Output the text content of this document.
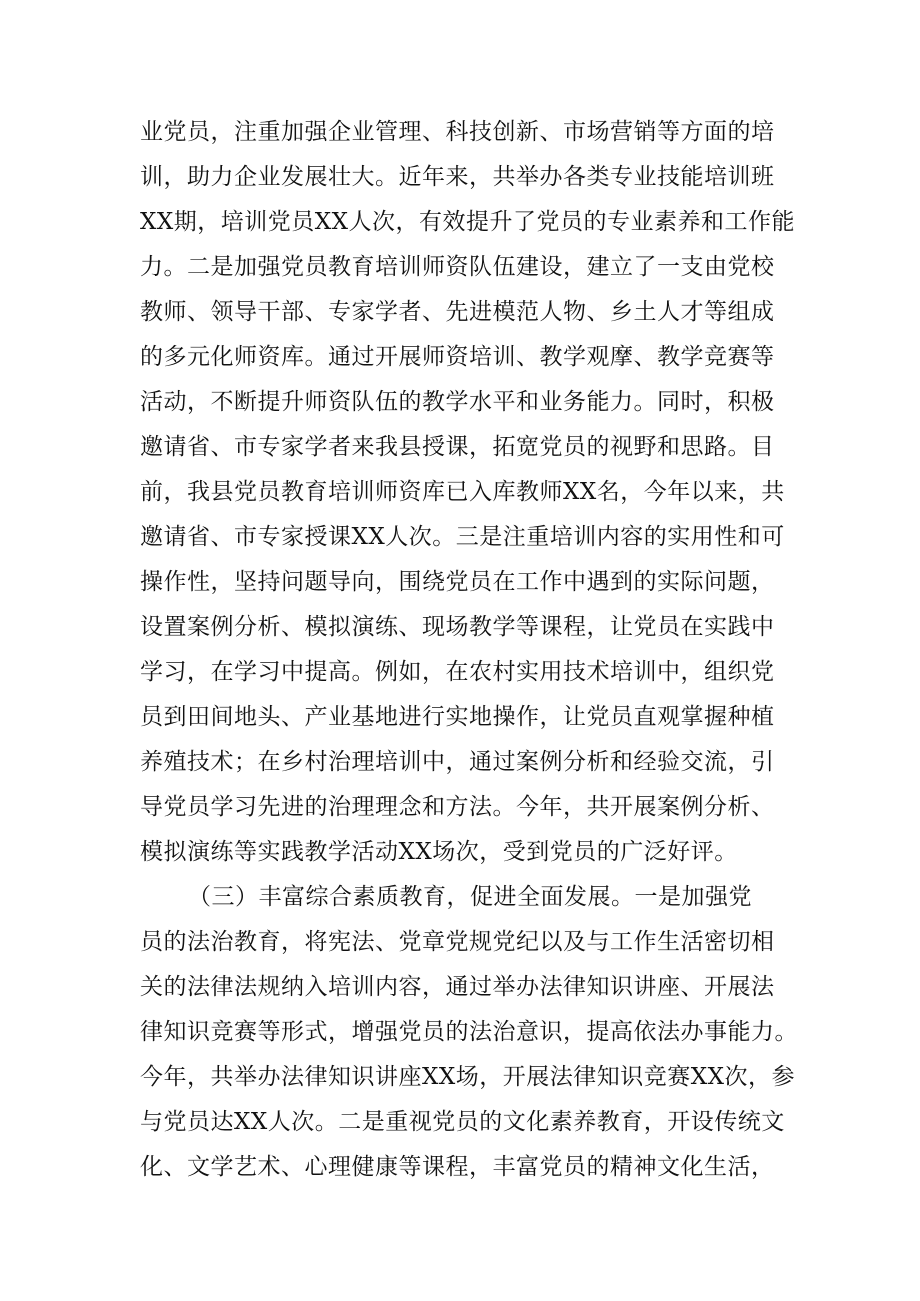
业党员，注重加强企业管理、科技创新、市场营销等方面的培
训，助力企业发展壮大。近年来，共举办各类专业技能培训班
XX期，培训党员XX人次，有效提升了党员的专业素养和工作能
力。二是加强党员教育培训师资队伍建设，建立了一支由党校
教师、领导干部、专家学者、先进模范人物、乡土人才等组成
的多元化师资库。通过开展师资培训、教学观摩、教学竞赛等
活动，不断提升师资队伍的教学水平和业务能力。同时，积极
邀请省、市专家学者来我县授课，拓宽党员的视野和思路。目
前，我县党员教育培训师资库已入库教师XX名，今年以来，共
邀请省、市专家授课XX人次。三是注重培训内容的实用性和可
操作性，坚持问题导向，围绕党员在工作中遇到的实际问题，
设置案例分析、模拟演练、现场教学等课程，让党员在实践中
学习，在学习中提高。例如，在农村实用技术培训中，组织党
员到田间地头、产业基地进行实地操作，让党员直观掌握种植
养殖技术；在乡村治理培训中，通过案例分析和经验交流，引
导党员学习先进的治理理念和方法。今年，共开展案例分析、
模拟演练等实践教学活动XX场次，受到党员的广泛好评。
（三）丰富综合素质教育，促进全面发展。一是加强党
员的法治教育，将宪法、党章党规党纪以及与工作生活密切相
关的法律法规纳入培训内容，通过举办法律知识讲座、开展法
律知识竞赛等形式，增强党员的法治意识，提高依法办事能力。
今年，共举办法律知识讲座XX场，开展法律知识竞赛XX次，参
与党员达XX人次。二是重视党员的文化素养教育，开设传统文
化、文学艺术、心理健康等课程，丰富党员的精神文化生活，
